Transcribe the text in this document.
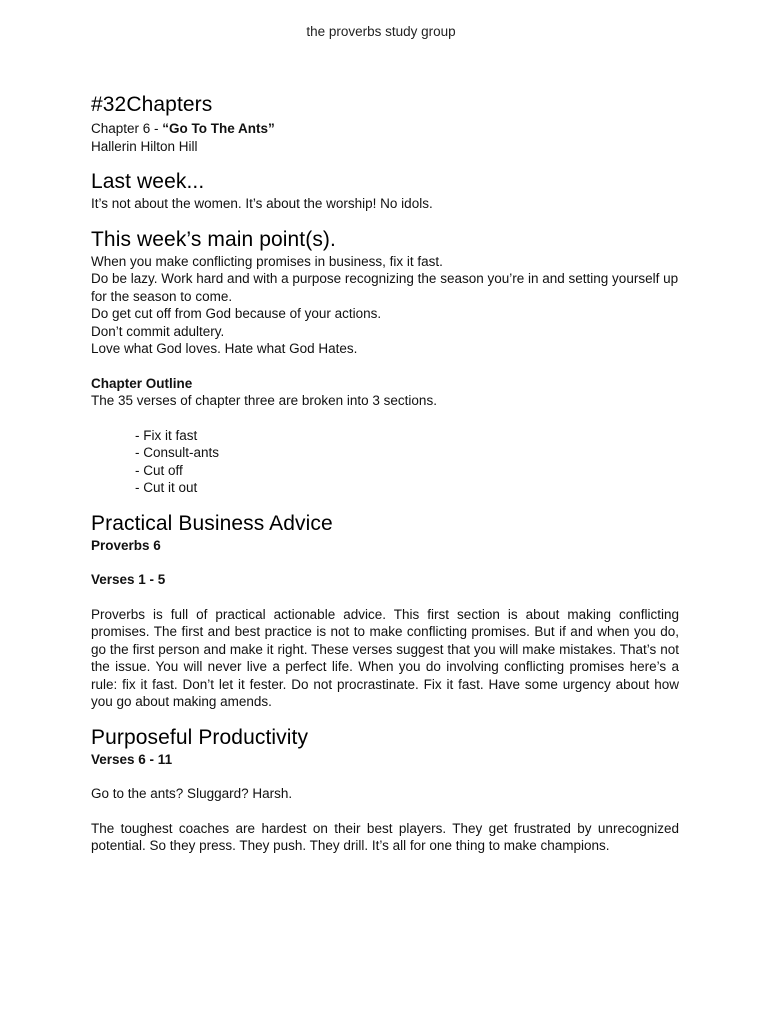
the proverbs study group
#32Chapters

Chapter 6 - “Go To The Ants”

Hallerin Hilton Hill

Last week...

It’s not about the women. It’s about the worship! No idols.

This week’s main point(s).

When you make conflicting promises in business, fix it fast.

Do be lazy. Work hard and with a purpose recognizing the season you’re in and setting yourself up for the season to come.

Do get cut off from God because of your actions.

Don’t commit adultery.

Love what God loves. Hate what God Hates.

Chapter Outline

The 35 verses of chapter three are broken into 3 sections.

- Fix it fast
- Consult-ants
- Cut off
- Cut it out
Practical Business Advice

Proverbs 6

Verses 1 - 5

Proverbs is full of practical actionable advice. This first section is about making conflicting promises. The first and best practice is not to make conflicting promises. But if and when you do, go the first person and make it right. These verses suggest that you will make mistakes. That’s not the issue. You will never live a perfect life. When you do involving conflicting promises here’s a rule: fix it fast. Don’t let it fester. Do not procrastinate. Fix it fast. Have some urgency about how you go about making amends.

Purposeful Productivity

Verses 6 - 11

Go to the ants? Sluggard? Harsh.

The toughest coaches are hardest on their best players. They get frustrated by unrecognized potential. So they press. They push. They drill. It’s all for one thing to make champions.
